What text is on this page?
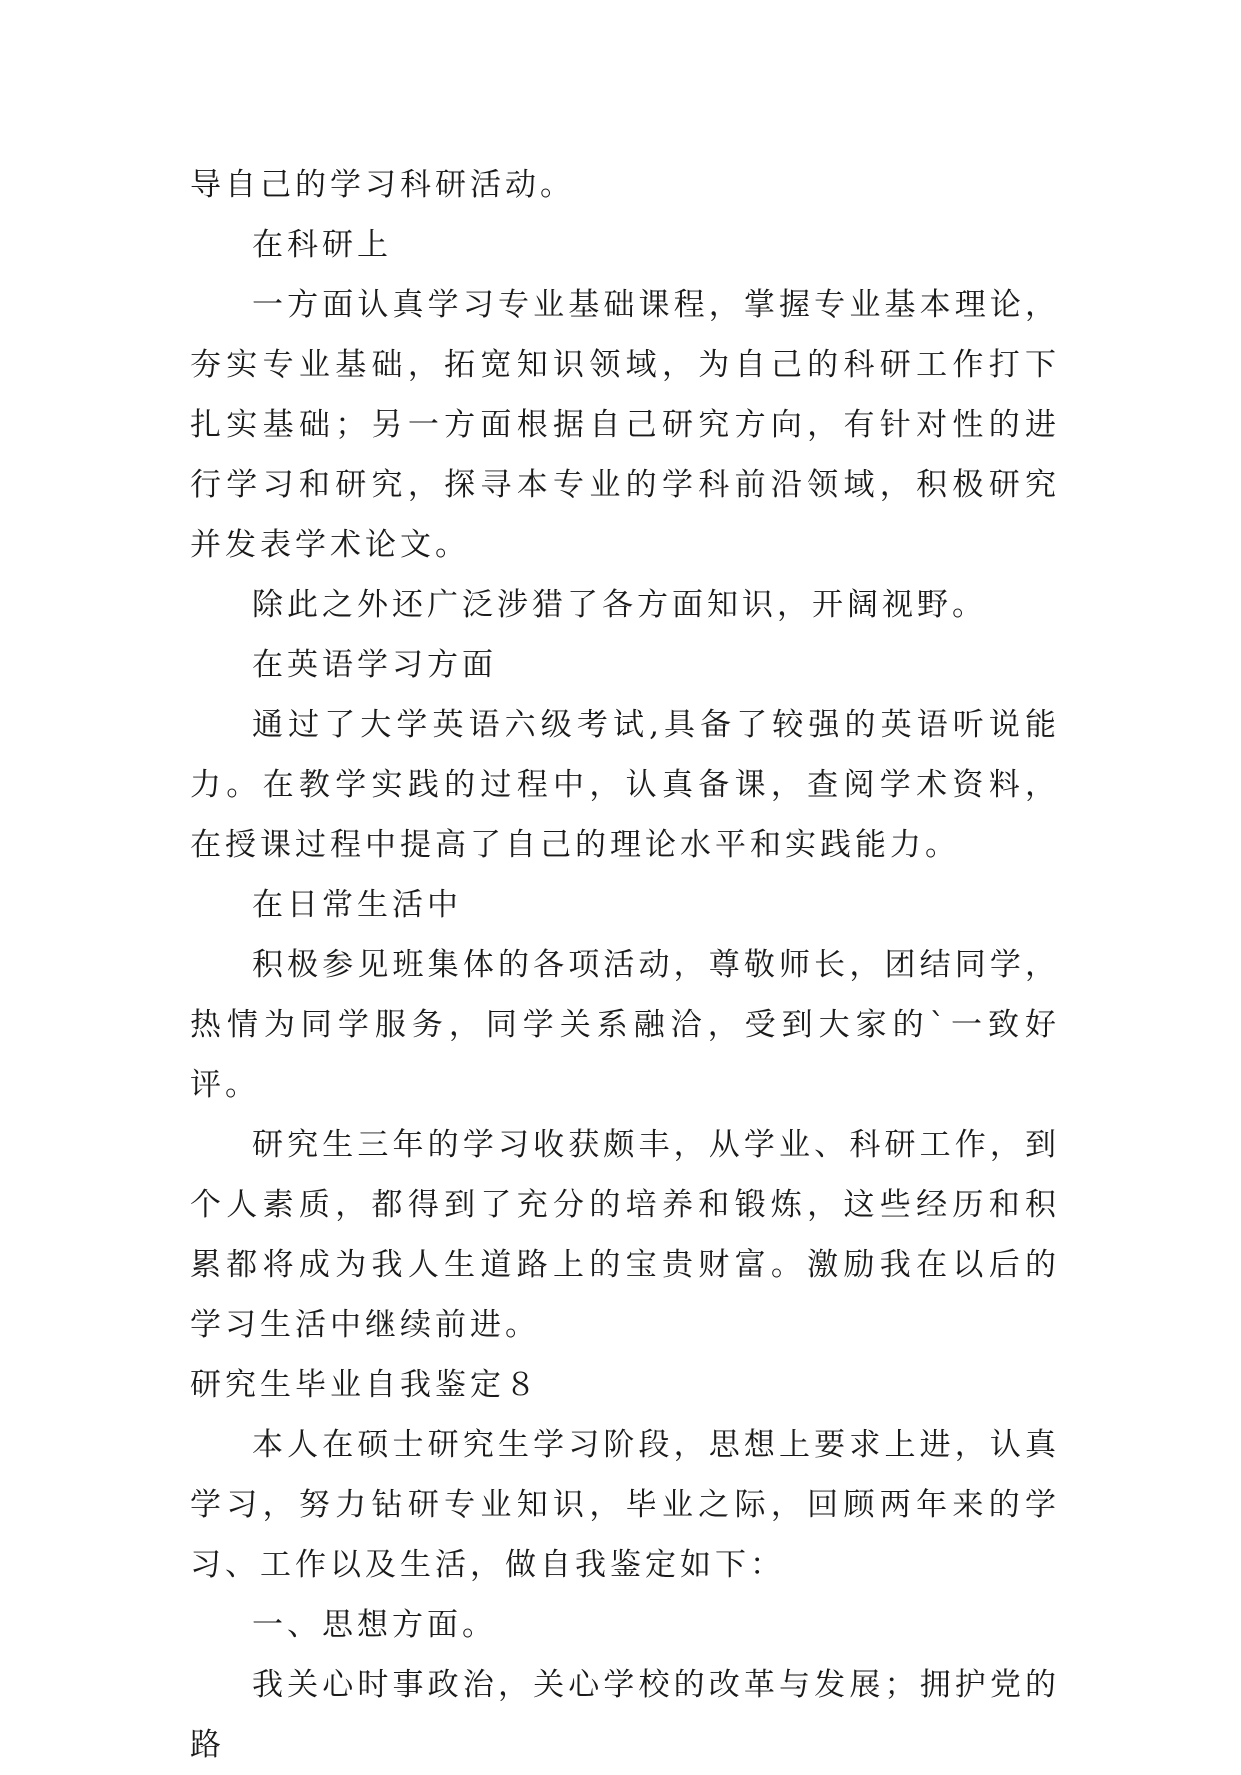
导自己的学习科研活动。

在科研上

一方面认真学习专业基础课程，掌握专业基本理论，夯实专业基础，拓宽知识领域，为自己的科研工作打下扎实基础；另一方面根据自己研究方向，有针对性的进行学习和研究，探寻本专业的学科前沿领域，积极研究并发表学术论文。

除此之外还广泛涉猎了各方面知识，开阔视野。

在英语学习方面

通过了大学英语六级考试,具备了较强的英语听说能力。在教学实践的过程中，认真备课，查阅学术资料，在授课过程中提高了自己的理论水平和实践能力。

在日常生活中

积极参见班集体的各项活动，尊敬师长，团结同学，热情为同学服务，同学关系融洽，受到大家的`一致好评。

研究生三年的学习收获颇丰，从学业、科研工作，到个人素质，都得到了充分的培养和锻炼，这些经历和积累都将成为我人生道路上的宝贵财富。激励我在以后的学习生活中继续前进。

研究生毕业自我鉴定８

本人在硕士研究生学习阶段，思想上要求上进，认真学习，努力钻研专业知识，毕业之际，回顾两年来的学习、工作以及生活，做自我鉴定如下：

一、思想方面。

我关心时事政治，关心学校的改革与发展；拥护党的路
